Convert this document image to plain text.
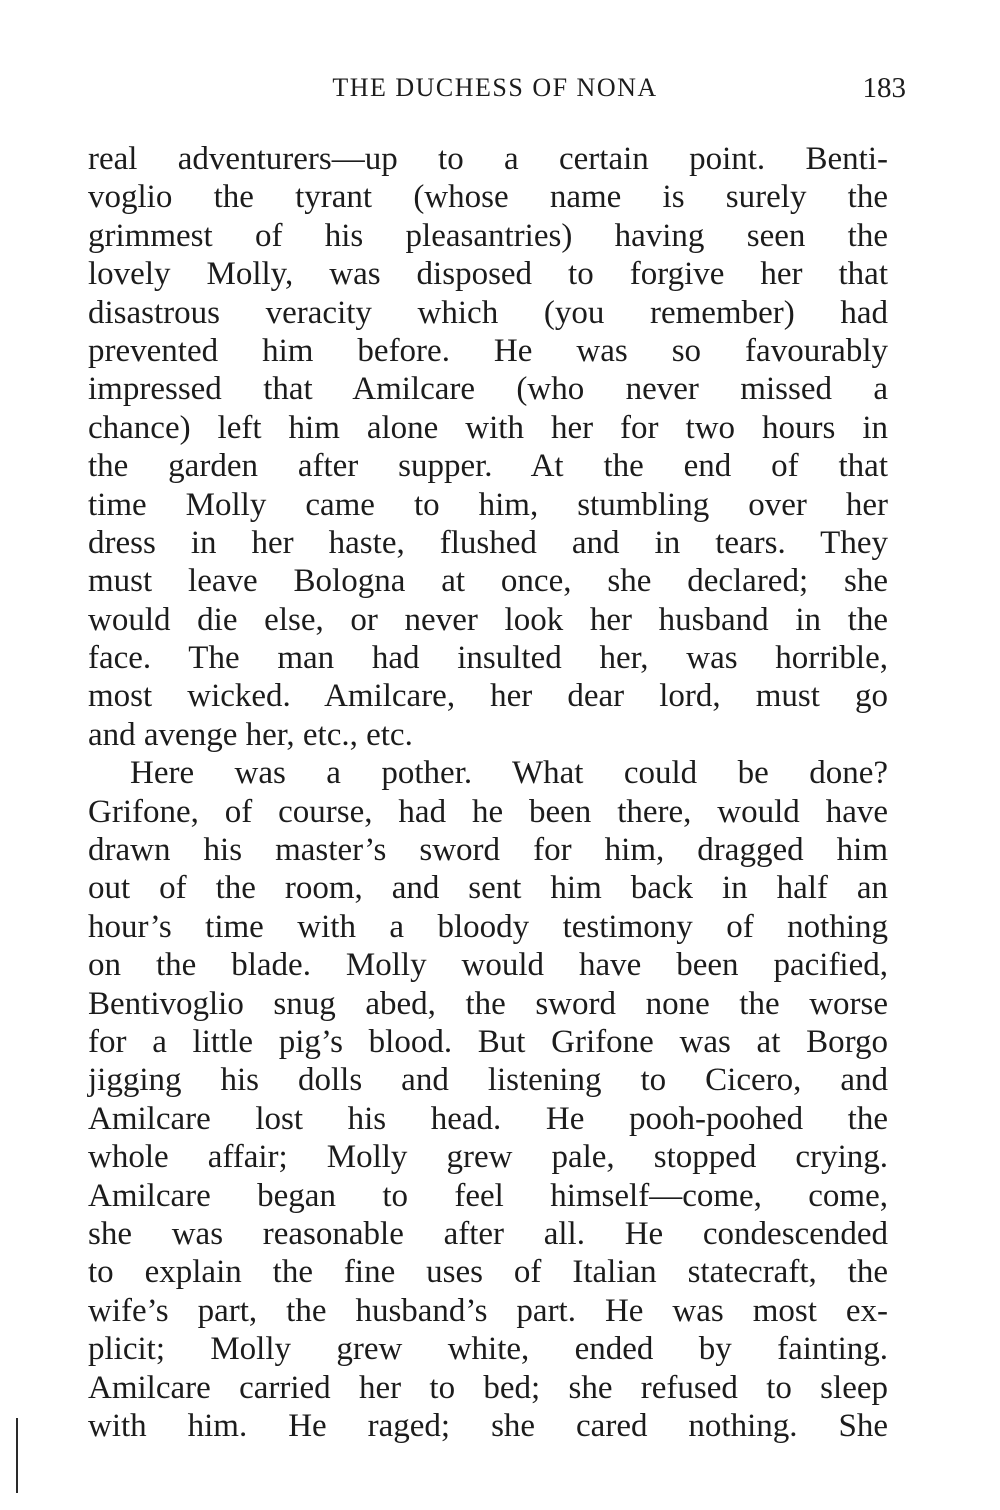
THE DUCHESS OF NONA	183
real adventurers—up to a certain point. Benti-
voglio the tyrant (whose name is surely the
grimmest of his pleasantries) having seen the
lovely Molly, was disposed to forgive her that
disastrous veracity which (you remember) had
prevented him before. He was so favourably
impressed that Amilcare (who never missed a
chance) left him alone with her for two hours in
the garden after supper. At the end of that
time Molly came to him, stumbling over her
dress in her haste, flushed and in tears. They
must leave Bologna at once, she declared; she
would die else, or never look her husband in the
face. The man had insulted her, was horrible,
most wicked. Amilcare, her dear lord, must go
and avenge her, etc., etc.
Here was a pother. What could be done?
Grifone, of course, had he been there, would have
drawn his master’s sword for him, dragged him
out of the room, and sent him back in half an
hour’s time with a bloody testimony of nothing
on the blade. Molly would have been pacified,
Bentivoglio snug abed, the sword none the worse
for a little pig’s blood. But Grifone was at Borgo
jigging his dolls and listening to Cicero, and
Amilcare lost his head. He pooh-poohed the
whole affair; Molly grew pale, stopped crying.
Amilcare began to feel himself—come, come,
she was reasonable after all. He condescended
to explain the fine uses of Italian statecraft, the
wife’s part, the husband’s part. He was most ex-
plicit; Molly grew white, ended by fainting.
Amilcare carried her to bed; she refused to sleep
with him. He raged; she cared nothing. She
